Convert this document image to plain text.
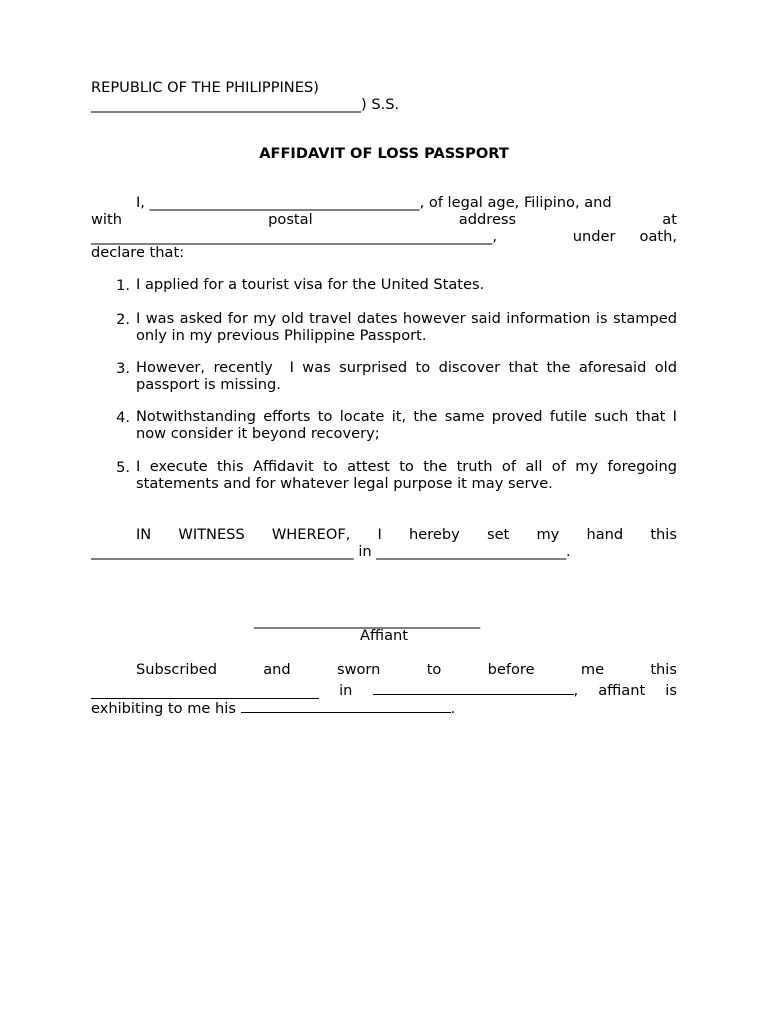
REPUBLIC OF THE PHILIPPINES)
_____________________________________) S.S.
AFFIDAVIT OF LOSS PASSPORT
I, _____________________________________, of legal age, Filipino, and
with	postal	address	at
_______________________________________________________,	under oath,
declare that:
1. I applied for a tourist visa for the United States.
2. I was asked for my old travel dates however said information is stamped only in my previous Philippine Passport.
3. However, recently  I was surprised to discover that the aforesaid old passport is missing.
4. Notwithstanding efforts to locate it, the same proved futile such that I now consider it beyond recovery;
5. I execute this Affidavit to attest to the truth of all of my foregoing statements and for whatever legal purpose it may serve.
IN WITNESS WHEREOF, I hereby set my hand this
____________________________________ in __________________________.
_______________________________
Affiant
Subscribed	and	sworn	to	before	me	this
in	, affiant is
exhibiting to me his	.
